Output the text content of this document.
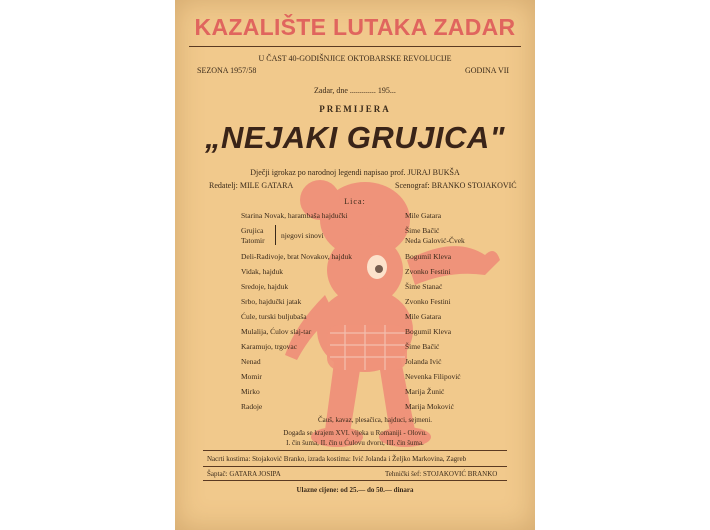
KAZALIŠTE LUTAKA ZADAR
U ČAST 40-GODIŠNJICE OKTOBARSKE REVOLUCIJE
SEZONA 1957/58	GODINA VII
Zadar, dne ............. 195...
PREMIJERA
„NEJAKI GRUJICA"
Dječji igrokaz po narodnoj legendi napisao prof. JURAJ BUKŠA
Redatelj: MILE GATARA	Scenograf: BRANKO STOJAKOVIĆ
Lica:
Starina Novak, harambaša hajdučki	Mile Gatara
Grujica	Šime Bačić
Tatomir	Neda Galović-Čvek
njegovi sinovi
Deli-Radivoje, brat Novakov, hajduk	Bogumil Kleva
Vidak, hajduk	Zvonko Festini
Sredoje, hajduk	Šime Stanać
Srbo, hajdučki jatak	Zvonko Festini
Ćule, turski bulјubaša	Mile Gatara
Mulalija, Ćulov slaj-tar	Bogumil Kleva
Karamujo, trgovac	Šime Bačić
Nenad	Jolanda Ivić
Momir	Nevenka Filipović
Mirko	Marija Žunić
Radoje	Marija Moković
Čauš, kavaz, plesačica, hajduci, sejmeni.
Događa se krajem XVI. vijeka u Romaniji - Olovu.
I. čin šuma, II. čin u Ćulovu dvoru, III. čin šuma.
Nacrti kostima: Stojaković Branko, izrada kostima: Ivić Jolanda i Željko Markovina, Zagreb
Šaptač: GATARA JOSIPA	Tehnički šef: STOJAKOVIĆ BRANKO
Ulazne cijene: od 25.— do 50.— dinara
